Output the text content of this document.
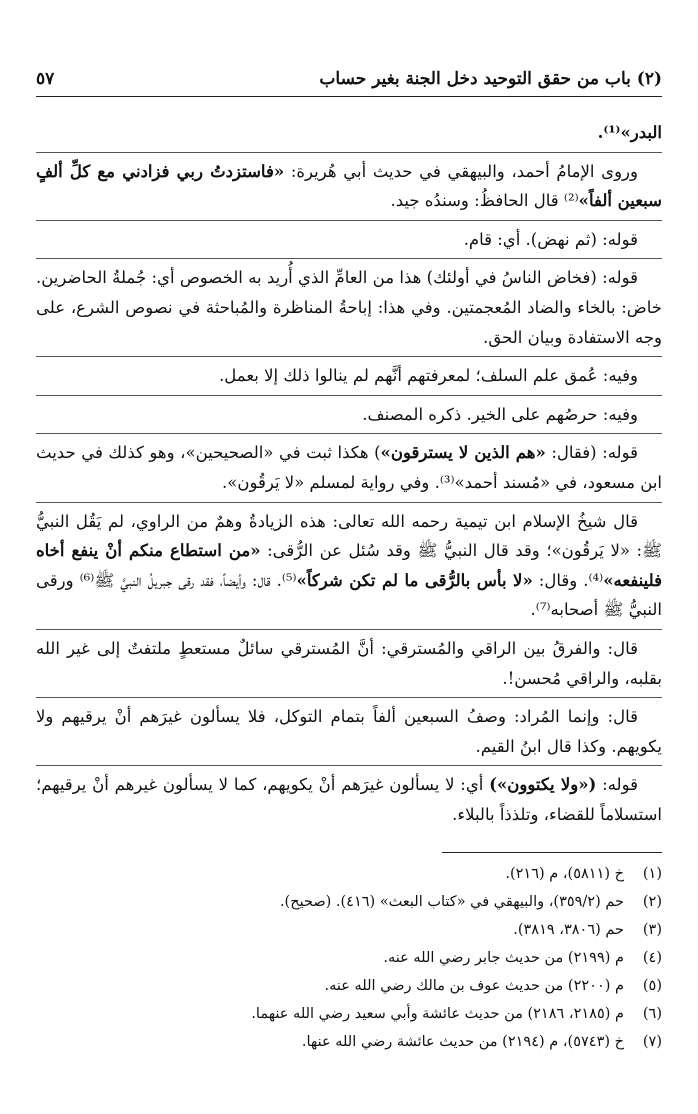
(٢) باب من حقق التوحيد دخل الجنة بغير حساب
٥٧

البدر»⁽¹⁾.

وروى الإمامُ أحمد، والبيهقي في حديث أبي هُريرة: «فاستزدتُ ربي فزادني مع كلِّ ألفٍ سبعين ألفاً»⁽²⁾ قال الحافظُ: وسندُه جيد.

قوله: (ثم نهض). أي: قام.

قوله: (فخاض الناسُ في أولئك) هذا من العامِّ الذي أُريد به الخصوص أي: جُملةُ الحاضرين. خاض: بالخاء والضاد المُعجمتين. وفي هذا: إباحةُ المناظرة والمُباحثة في نصوص الشرع، على وجه الاستفادة وبيان الحق.

وفيه: عُمق علم السلف؛ لمعرفتهم أنَّهم لم ينالوا ذلك إلا بعمل.

وفيه: حرصُهم على الخير. ذكره المصنف.

قوله: (فقال: «هم الذين لا يسترقون») هكذا ثبت في «الصحيحين»، وهو كذلك في حديث ابن مسعود، في «مُسند أحمد»⁽³⁾. وفي رواية لمسلم «لا يَرقُون».

قال شيخُ الإسلام ابن تيمية رحمه الله تعالى: هذه الزيادةُ وهمٌ من الراوي، لم يَقُل النبيُّ ﷺ: «لا يَرقُون»؛ وقد قال النبيُّ ﷺ وقد سُئل عن الرُّقى: «من استطاع منكم أنْ ينفع أخاه فلينفعه»⁽⁴⁾. وقال: «لا بأس بالرُّقى ما لم تكن شركاً»⁽⁵⁾. قال: وأيضاً، فقد رقى جبريلُ النبيَّ ﷺ⁽⁶⁾ ورقى النبيُّ ﷺ أصحابه⁽⁷⁾.

قال: والفرقُ بين الراقي والمُسترقي: أنَّ المُسترقي سائلٌ مستعطٍ ملتفتٌ إلى غير الله بقلبه، والراقي مُحسن!.

قال: وإنما المُراد: وصفُ السبعين ألفاً بتمام التوكل، فلا يسألون غيرَهم أنْ يرقيهم ولا يكويهم. وكذا قال ابنُ القيم.

قوله: («ولا يكتوون») أي: لا يسألون غيرَهم أنْ يكويهم، كما لا يسألون غيرهم أنْ يرقيهم؛ استسلاماً للقضاء، وتلذذاً بالبلاء.

(١)
خ (٥٨١١)، م (٢١٦).
(٢)
حم (٣٥٩/٢)، والبيهقي في «كتاب البعث» (٤١٦). (صحيح).
(٣)
حم (٣٨٠٦، ٣٨١٩).
(٤)
م (٢١٩٩) من حديث جابر رضي الله عنه.
(٥)
م (٢٢٠٠) من حديث عوف بن مالك رضي الله عنه.
(٦)
م (٢١٨٥، ٢١٨٦) من حديث عائشة وأبي سعيد رضي الله عنهما.
(٧)
خ (٥٧٤٣)، م (٢١٩٤) من حديث عائشة رضي الله عنها.
